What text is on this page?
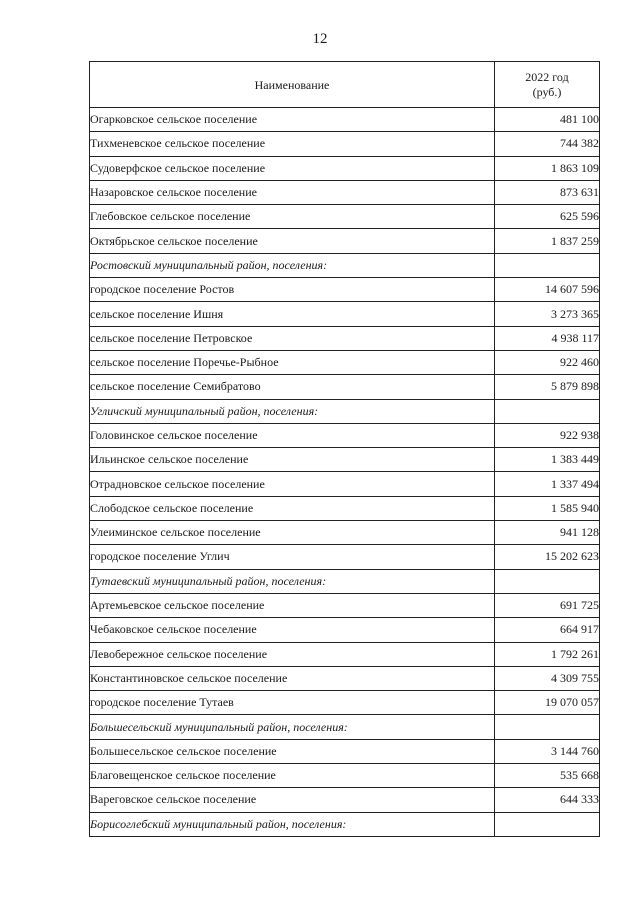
12
Наименование	2022 год
(руб.)
Огарковское сельское поселение	481 100
Тихменевское сельское поселение	744 382
Судоверфское сельское поселение	1 863 109
Назаровское сельское поселение	873 631
Глебовское сельское поселение	625 596
Октябрьское сельское поселение	1 837 259
Ростовский муниципальный район, поселения:	
городское поселение Ростов	14 607 596
сельское поселение Ишня	3 273 365
сельское поселение Петровское	4 938 117
сельское поселение Поречье-Рыбное	922 460
сельское поселение Семибратово	5 879 898
Угличский муниципальный район, поселения:	
Головинское сельское поселение	922 938
Ильинское сельское поселение	1 383 449
Отрадновское сельское поселение	1 337 494
Слободское сельское поселение	1 585 940
Улеиминское сельское поселение	941 128
городское поселение Углич	15 202 623
Тутаевский муниципальный район, поселения:	
Артемьевское сельское поселение	691 725
Чебаковское сельское поселение	664 917
Левобережное сельское поселение	1 792 261
Константиновское сельское поселение	4 309 755
городское поселение Тутаев	19 070 057
Большесельский муниципальный район, поселения:	
Большесельское сельское поселение	3 144 760
Благовещенское сельское поселение	535 668
Вареговское сельское поселение	644 333
Борисоглебский муниципальный район, поселения:	
